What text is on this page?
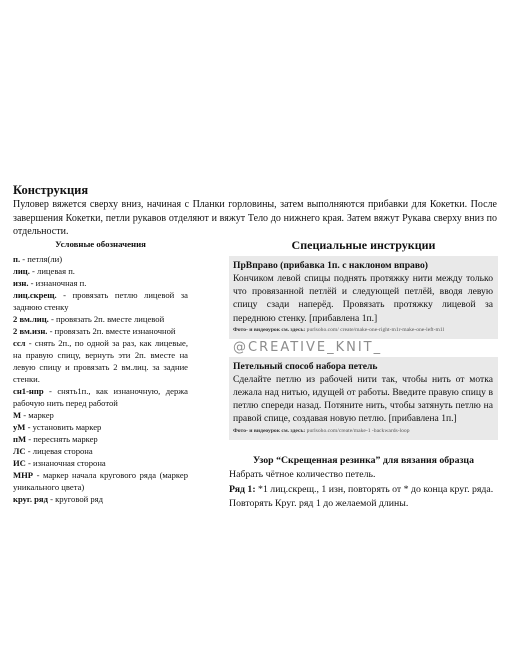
Конструкция

Пуловер вяжется сверху вниз, начиная с Планки горловины, затем выполняются прибавки для Кокетки. После завершения Кокетки, петли рукавов отделяют и вяжут Тело до нижнего края. Затем вяжут Рукава сверху вниз по отдельности.

Условные обозначения

п. - петля(ли)

лиц. - лицевая п.

изн. - изнаночная п.

лиц.скрещ. - провязать петлю лицевой за заднюю стенку

2 вм.лиц. - провязать 2п. вместе лицевой

2 вм.изн. - провязать 2п. вместе изнаночной

ссл - снять 2п., по одной за раз, как лицевые, на правую спицу, вернуть эти 2п. вместе на левую спицу и провязать 2 вм.лиц. за задние стенки.

сн1-нпр - снять1п., как изнаночную, держа рабочую нить перед работой

М - маркер

уМ - установить маркер

пМ - переснять маркер

ЛС - лицевая сторона

ИС - изнаночная сторона

МНР - маркер начала кругового ряда (маркер уникального цвета)

круг. ряд - круговой ряд

Специальные инструкции

ПрВправо (прибавка 1п. с наклоном вправо)

Кончиком левой спицы поднять протяжку нити между только что провязанной петлёй и следующей петлёй, вводя левую спицу сзади наперёд. Провязать протяжку лицевой за переднюю стенку. [прибавлена 1п.]

Фото- и видеоурок см. здесь: purlsoho.com/ create/make-one-right-m1r-make-one-left-m1l

@CREATIVE_KNIT_

Петельный способ набора петель

Сделайте петлю из рабочей нити так, чтобы нить от мотка лежала над нитью, идущей от работы. Введите правую спицу в петлю спереди назад. Потяните нить, чтобы затянуть петлю на правой спице, создавая новую петлю. [прибавлена 1п.]

Фото- и видеоурок см. здесь: purlsoho.com/create/make-1 -backwards-loop

Узор “Скрещенная резинка” для вязания образца

Набрать чётное количество петель.

Ряд 1: *1 лиц.скрещ., 1 изн, повторять от * до конца круг. ряда.

Повторять Круг. ряд 1 до желаемой длины.
